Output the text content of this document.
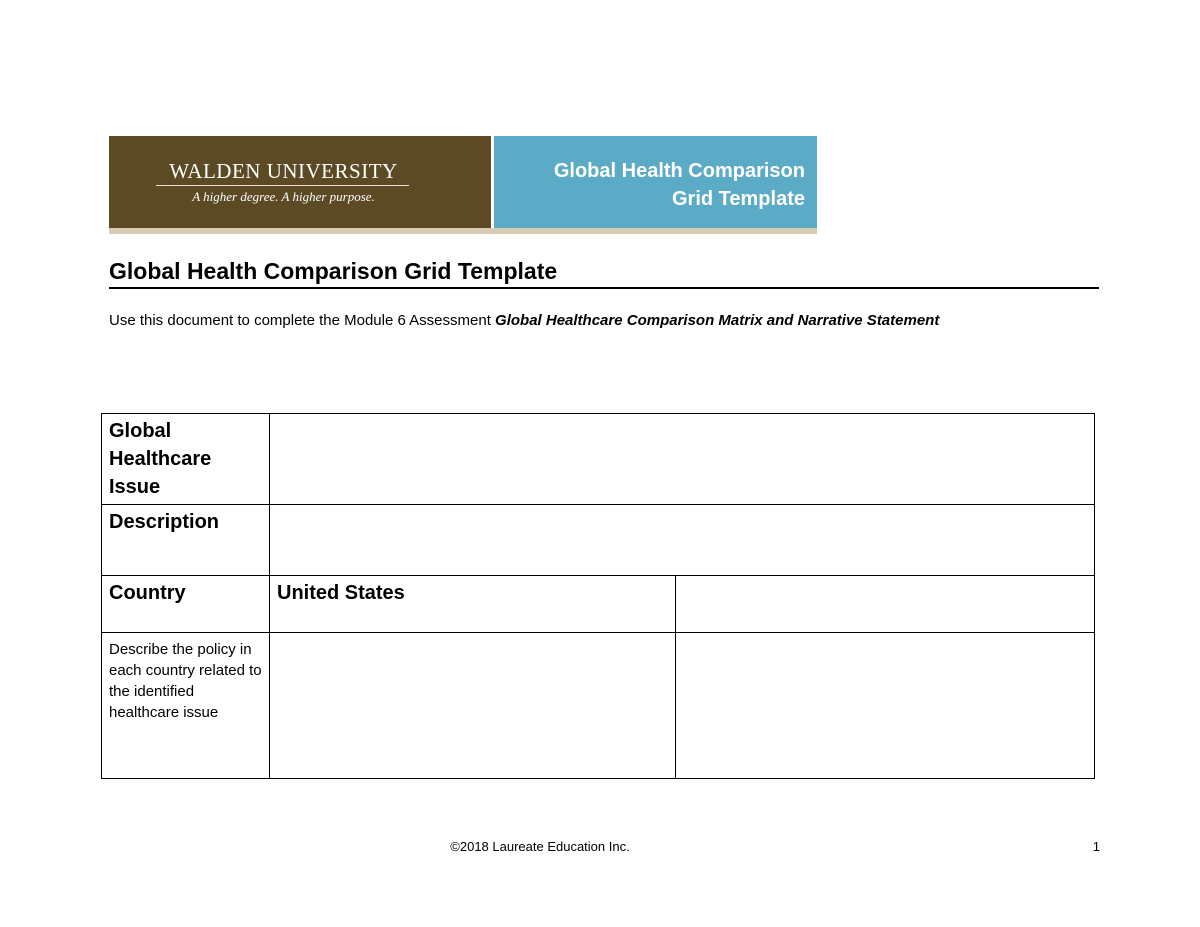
WALDEN UNIVERSITY
A higher degree. A higher purpose.
Global Health Comparison
Grid Template
Global Health Comparison Grid Template
Use this document to complete the Module 6 Assessment Global Healthcare Comparison Matrix and Narrative Statement
Global Healthcare Issue		
Description		
Country	United States	
Describe the policy in each country related to the identified healthcare issue		
©2018 Laureate Education Inc.	1
